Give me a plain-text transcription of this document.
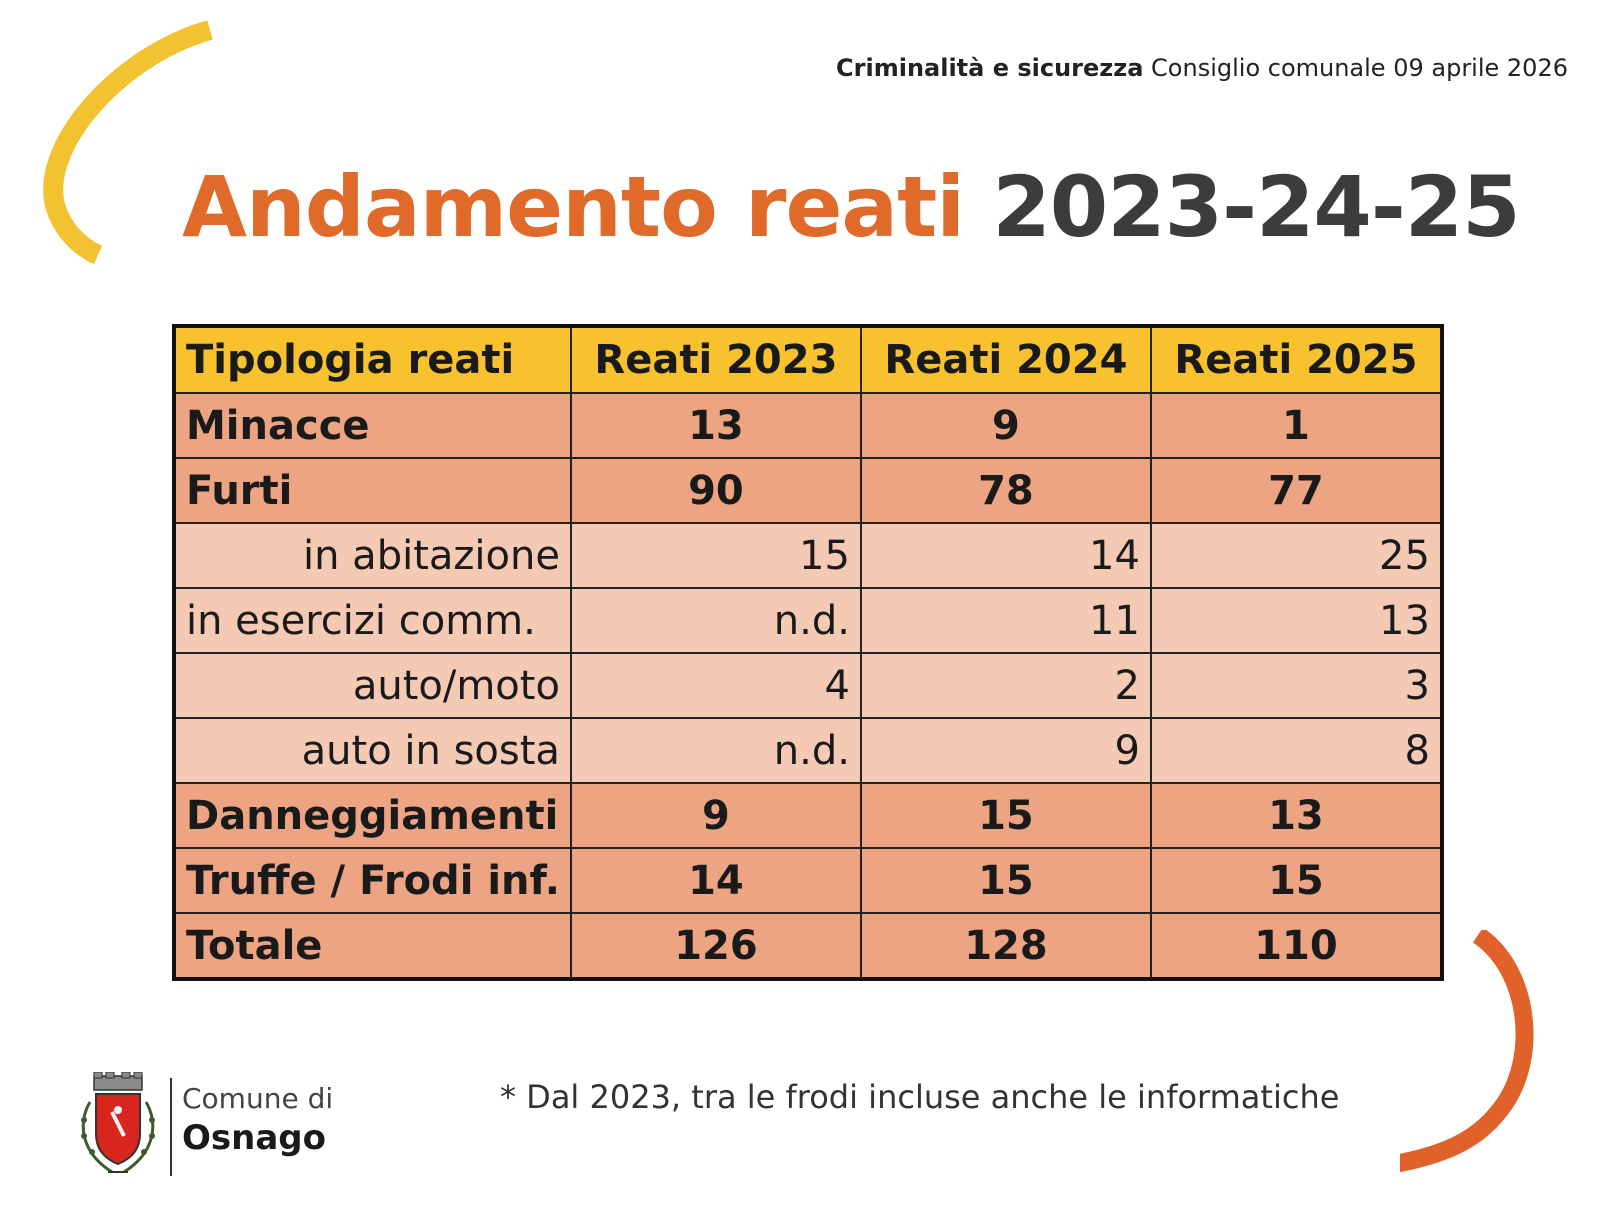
Criminalità e sicurezza Consiglio comunale 09 aprile 2026
Andamento reati 2023-24-25
Tipologia reati	Reati 2023	Reati 2024	Reati 2025
Minacce	13	9	1
Furti	90	78	77
in abitazione	15	14	25
in esercizi comm.	n.d.	11	13
auto/moto	4	2	3
auto in sosta	n.d.	9	8
Danneggiamenti	9	15	13
Truffe / Frodi inf.	14	15	15
Totale	126	128	110
Comune di
Osnago
* Dal 2023, tra le frodi incluse anche le informatiche
